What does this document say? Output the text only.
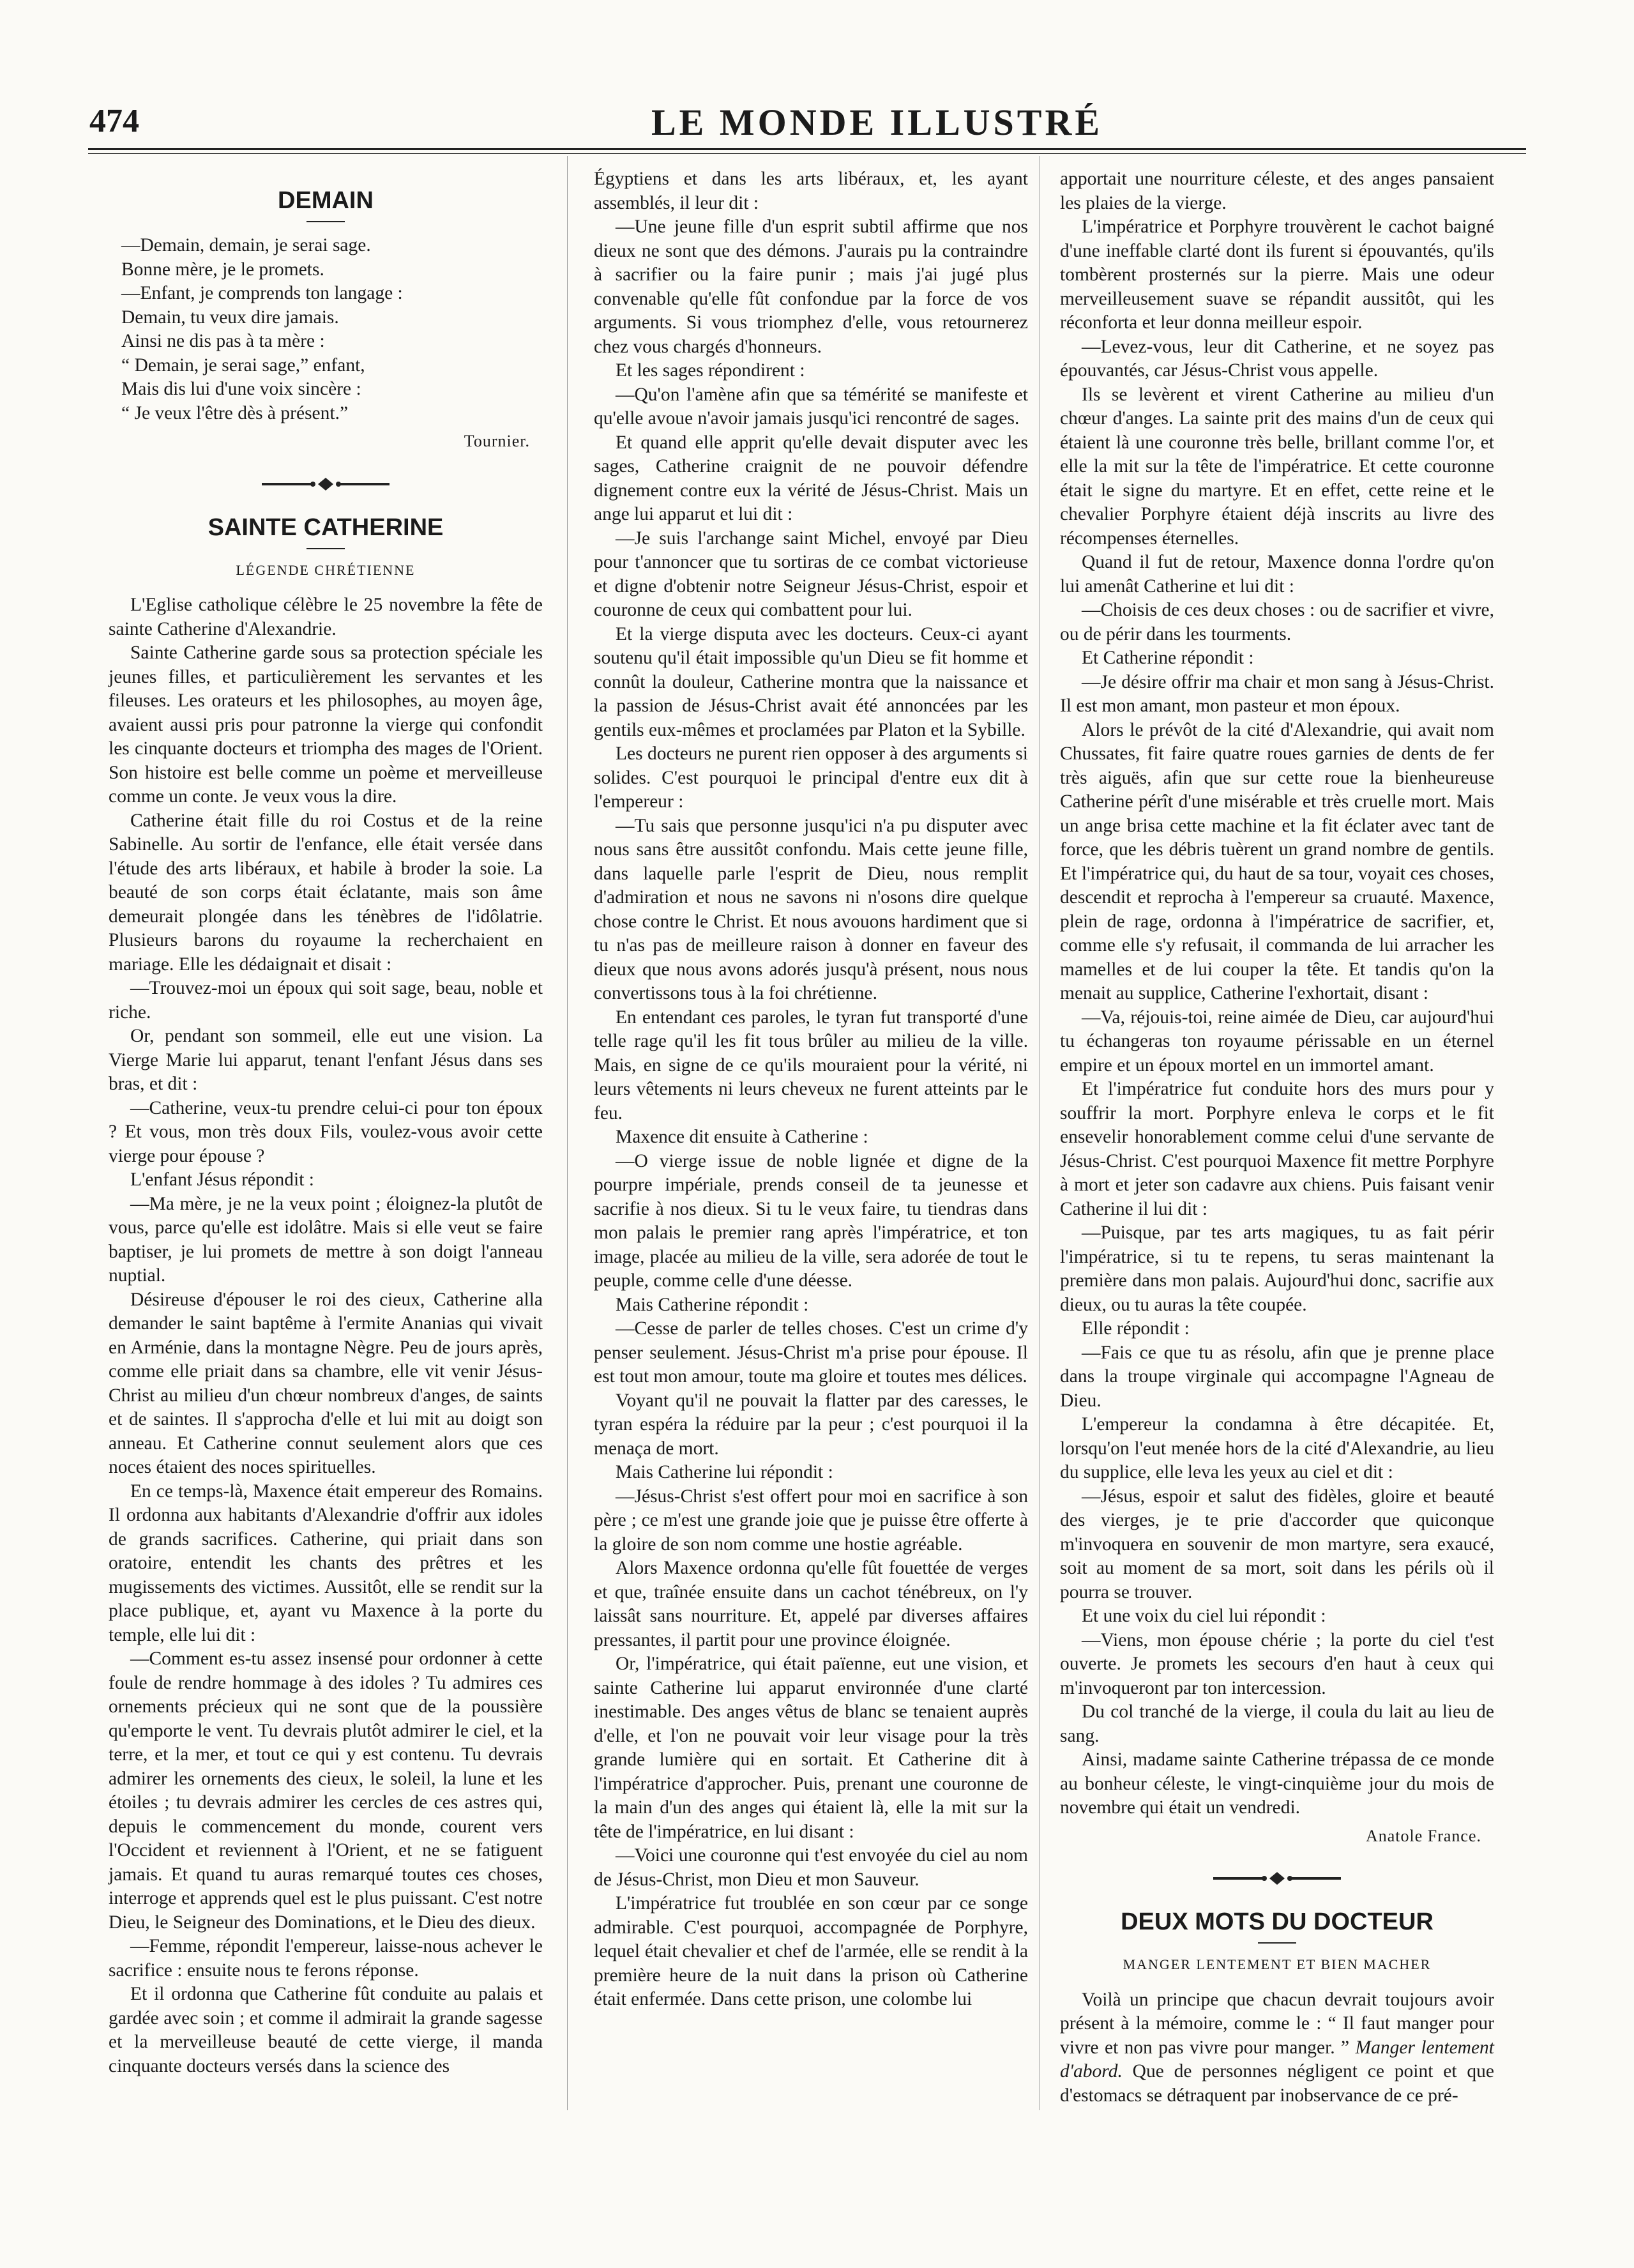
474	LE MONDE ILLUSTRÉ
DEMAIN
—Demain, demain, je serai sage.
Bonne mère, je le promets.
—Enfant, je comprends ton langage :
Demain, tu veux dire jamais.
Ainsi ne dis pas à ta mère :
“ Demain, je serai sage,” enfant,
Mais dis lui d'une voix sincère :
“ Je veux l'être dès à présent.”
Tournier.
SAINTE CATHERINE
LÉGENDE CHRÉTIENNE

L'Eglise catholique célèbre le 25 novembre la fête de sainte Catherine d'Alexandrie.

Sainte Catherine garde sous sa protection spéciale les jeunes filles, et particulièrement les servantes et les fileuses. Les orateurs et les philosophes, au moyen âge, avaient aussi pris pour patronne la vierge qui confondit les cinquante docteurs et triompha des mages de l'Orient. Son histoire est belle comme un poème et merveilleuse comme un conte. Je veux vous la dire.

Catherine était fille du roi Costus et de la reine Sabinelle. Au sortir de l'enfance, elle était versée dans l'étude des arts libéraux, et habile à broder la soie. La beauté de son corps était éclatante, mais son âme demeurait plongée dans les ténèbres de l'idôlatrie. Plusieurs barons du royaume la recherchaient en mariage. Elle les dédaignait et disait :

—Trouvez-moi un époux qui soit sage, beau, noble et riche.

Or, pendant son sommeil, elle eut une vision. La Vierge Marie lui apparut, tenant l'enfant Jésus dans ses bras, et dit :

—Catherine, veux-tu prendre celui-ci pour ton époux ? Et vous, mon très doux Fils, voulez-vous avoir cette vierge pour épouse ?

L'enfant Jésus répondit :

—Ma mère, je ne la veux point ; éloignez-la plutôt de vous, parce qu'elle est idolâtre. Mais si elle veut se faire baptiser, je lui promets de mettre à son doigt l'anneau nuptial.

Désireuse d'épouser le roi des cieux, Catherine alla demander le saint baptême à l'ermite Ananias qui vivait en Arménie, dans la montagne Nègre. Peu de jours après, comme elle priait dans sa chambre, elle vit venir Jésus-Christ au milieu d'un chœur nombreux d'anges, de saints et de saintes. Il s'approcha d'elle et lui mit au doigt son anneau. Et Catherine connut seulement alors que ces noces étaient des noces spirituelles.

En ce temps-là, Maxence était empereur des Romains. Il ordonna aux habitants d'Alexandrie d'offrir aux idoles de grands sacrifices. Catherine, qui priait dans son oratoire, entendit les chants des prêtres et les mugissements des victimes. Aussitôt, elle se rendit sur la place publique, et, ayant vu Maxence à la porte du temple, elle lui dit :

—Comment es-tu assez insensé pour ordonner à cette foule de rendre hommage à des idoles ? Tu admires ces ornements précieux qui ne sont que de la poussière qu'emporte le vent. Tu devrais plutôt admirer le ciel, et la terre, et la mer, et tout ce qui y est contenu. Tu devrais admirer les ornements des cieux, le soleil, la lune et les étoiles ; tu devrais admirer les cercles de ces astres qui, depuis le commencement du monde, courent vers l'Occident et reviennent à l'Orient, et ne se fatiguent jamais. Et quand tu auras remarqué toutes ces choses, interroge et apprends quel est le plus puissant. C'est notre Dieu, le Seigneur des Dominations, et le Dieu des dieux.

—Femme, répondit l'empereur, laisse-nous achever le sacrifice : ensuite nous te ferons réponse.

Et il ordonna que Catherine fût conduite au palais et gardée avec soin ; et comme il admirait la grande sagesse et la merveilleuse beauté de cette vierge, il manda cinquante docteurs versés dans la science des

Égyptiens et dans les arts libéraux, et, les ayant assemblés, il leur dit :

—Une jeune fille d'un esprit subtil affirme que nos dieux ne sont que des démons. J'aurais pu la contraindre à sacrifier ou la faire punir ; mais j'ai jugé plus convenable qu'elle fût confondue par la force de vos arguments. Si vous triomphez d'elle, vous retournerez chez vous chargés d'honneurs.

Et les sages répondirent :

—Qu'on l'amène afin que sa témérité se manifeste et qu'elle avoue n'avoir jamais jusqu'ici rencontré de sages.

Et quand elle apprit qu'elle devait disputer avec les sages, Catherine craignit de ne pouvoir défendre dignement contre eux la vérité de Jésus-Christ. Mais un ange lui apparut et lui dit :

—Je suis l'archange saint Michel, envoyé par Dieu pour t'annoncer que tu sortiras de ce combat victorieuse et digne d'obtenir notre Seigneur Jésus-Christ, espoir et couronne de ceux qui combattent pour lui.

Et la vierge disputa avec les docteurs. Ceux-ci ayant soutenu qu'il était impossible qu'un Dieu se fit homme et connût la douleur, Catherine montra que la naissance et la passion de Jésus-Christ avait été annoncées par les gentils eux-mêmes et proclamées par Platon et la Sybille.

Les docteurs ne purent rien opposer à des arguments si solides. C'est pourquoi le principal d'entre eux dit à l'empereur :

—Tu sais que personne jusqu'ici n'a pu disputer avec nous sans être aussitôt confondu. Mais cette jeune fille, dans laquelle parle l'esprit de Dieu, nous remplit d'admiration et nous ne savons ni n'osons dire quelque chose contre le Christ. Et nous avouons hardiment que si tu n'as pas de meilleure raison à donner en faveur des dieux que nous avons adorés jusqu'à présent, nous nous convertissons tous à la foi chrétienne.

En entendant ces paroles, le tyran fut transporté d'une telle rage qu'il les fit tous brûler au milieu de la ville. Mais, en signe de ce qu'ils mouraient pour la vérité, ni leurs vêtements ni leurs cheveux ne furent atteints par le feu.

Maxence dit ensuite à Catherine :

—O vierge issue de noble lignée et digne de la pourpre impériale, prends conseil de ta jeunesse et sacrifie à nos dieux. Si tu le veux faire, tu tiendras dans mon palais le premier rang après l'impératrice, et ton image, placée au milieu de la ville, sera adorée de tout le peuple, comme celle d'une déesse.

Mais Catherine répondit :

—Cesse de parler de telles choses. C'est un crime d'y penser seulement. Jésus-Christ m'a prise pour épouse. Il est tout mon amour, toute ma gloire et toutes mes délices.

Voyant qu'il ne pouvait la flatter par des caresses, le tyran espéra la réduire par la peur ; c'est pourquoi il la menaça de mort.

Mais Catherine lui répondit :

—Jésus-Christ s'est offert pour moi en sacrifice à son père ; ce m'est une grande joie que je puisse être offerte à la gloire de son nom comme une hostie agréable.

Alors Maxence ordonna qu'elle fût fouettée de verges et que, traînée ensuite dans un cachot ténébreux, on l'y laissât sans nourriture. Et, appelé par diverses affaires pressantes, il partit pour une province éloignée.

Or, l'impératrice, qui était païenne, eut une vision, et sainte Catherine lui apparut environnée d'une clarté inestimable. Des anges vêtus de blanc se tenaient auprès d'elle, et l'on ne pouvait voir leur visage pour la très grande lumière qui en sortait. Et Catherine dit à l'impératrice d'approcher. Puis, prenant une couronne de la main d'un des anges qui étaient là, elle la mit sur la tête de l'impératrice, en lui disant :

—Voici une couronne qui t'est envoyée du ciel au nom de Jésus-Christ, mon Dieu et mon Sauveur.

L'impératrice fut troublée en son cœur par ce songe admirable. C'est pourquoi, accompagnée de Porphyre, lequel était chevalier et chef de l'armée, elle se rendit à la première heure de la nuit dans la prison où Catherine était enfermée. Dans cette prison, une colombe lui

apportait une nourriture céleste, et des anges pansaient les plaies de la vierge.

L'impératrice et Porphyre trouvèrent le cachot baigné d'une ineffable clarté dont ils furent si épouvantés, qu'ils tombèrent prosternés sur la pierre. Mais une odeur merveilleusement suave se répandit aussitôt, qui les réconforta et leur donna meilleur espoir.

—Levez-vous, leur dit Catherine, et ne soyez pas épouvantés, car Jésus-Christ vous appelle.

Ils se levèrent et virent Catherine au milieu d'un chœur d'anges. La sainte prit des mains d'un de ceux qui étaient là une couronne très belle, brillant comme l'or, et elle la mit sur la tête de l'impératrice. Et cette couronne était le signe du martyre. Et en effet, cette reine et le chevalier Porphyre étaient déjà inscrits au livre des récompenses éternelles.

Quand il fut de retour, Maxence donna l'ordre qu'on lui amenât Catherine et lui dit :

—Choisis de ces deux choses : ou de sacrifier et vivre, ou de périr dans les tourments.

Et Catherine répondit :

—Je désire offrir ma chair et mon sang à Jésus-Christ. Il est mon amant, mon pasteur et mon époux.

Alors le prévôt de la cité d'Alexandrie, qui avait nom Chussates, fit faire quatre roues garnies de dents de fer très aiguës, afin que sur cette roue la bienheureuse Catherine pérît d'une misérable et très cruelle mort. Mais un ange brisa cette machine et la fit éclater avec tant de force, que les débris tuèrent un grand nombre de gentils. Et l'impératrice qui, du haut de sa tour, voyait ces choses, descendit et reprocha à l'empereur sa cruauté. Maxence, plein de rage, ordonna à l'impératrice de sacrifier, et, comme elle s'y refusait, il commanda de lui arracher les mamelles et de lui couper la tête. Et tandis qu'on la menait au supplice, Catherine l'exhortait, disant :

—Va, réjouis-toi, reine aimée de Dieu, car aujourd'hui tu échangeras ton royaume périssable en un éternel empire et un époux mortel en un immortel amant.

Et l'impératrice fut conduite hors des murs pour y souffrir la mort. Porphyre enleva le corps et le fit ensevelir honorablement comme celui d'une servante de Jésus-Christ. C'est pourquoi Maxence fit mettre Porphyre à mort et jeter son cadavre aux chiens. Puis faisant venir Catherine il lui dit :

—Puisque, par tes arts magiques, tu as fait périr l'impératrice, si tu te repens, tu seras maintenant la première dans mon palais. Aujourd'hui donc, sacrifie aux dieux, ou tu auras la tête coupée.

Elle répondit :

—Fais ce que tu as résolu, afin que je prenne place dans la troupe virginale qui accompagne l'Agneau de Dieu.

L'empereur la condamna à être décapitée. Et, lorsqu'on l'eut menée hors de la cité d'Alexandrie, au lieu du supplice, elle leva les yeux au ciel et dit :

—Jésus, espoir et salut des fidèles, gloire et beauté des vierges, je te prie d'accorder que quiconque m'invoquera en souvenir de mon martyre, sera exaucé, soit au moment de sa mort, soit dans les périls où il pourra se trouver.

Et une voix du ciel lui répondit :

—Viens, mon épouse chérie ; la porte du ciel t'est ouverte. Je promets les secours d'en haut à ceux qui m'invoqueront par ton intercession.

Du col tranché de la vierge, il coula du lait au lieu de sang.

Ainsi, madame sainte Catherine trépassa de ce monde au bonheur céleste, le vingt-cinquième jour du mois de novembre qui était un vendredi.

Anatole France.
DEUX MOTS DU DOCTEUR
MANGER LENTEMENT ET BIEN MACHER

Voilà un principe que chacun devrait toujours avoir présent à la mémoire, comme le : “ Il faut manger pour vivre et non pas vivre pour manger. ” Manger lentement d'abord. Que de personnes négligent ce point et que d'estomacs se détraquent par inobservance de ce pré-
